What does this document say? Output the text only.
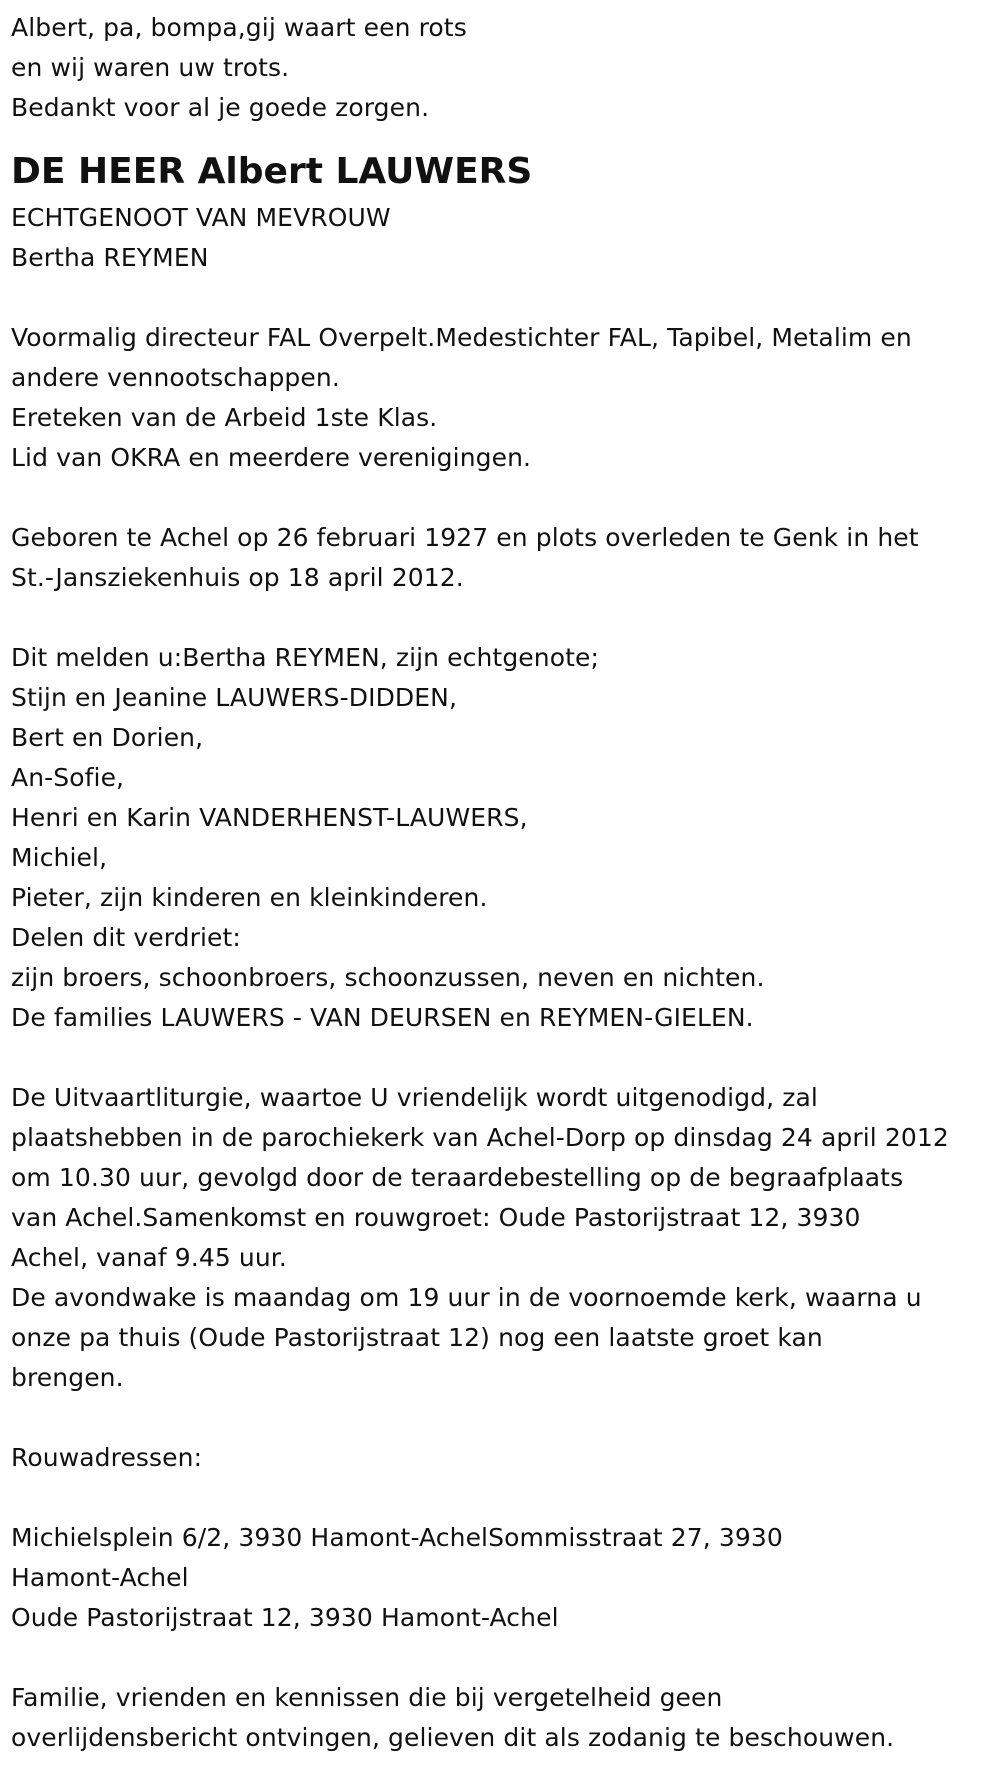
Albert, pa, bompa,gij waart een rots
en wij waren uw trots.
Bedankt voor al je goede zorgen.
DE HEER Albert LAUWERS
ECHTGENOOT VAN MEVROUW
Bertha REYMEN
Voormalig directeur FAL Overpelt.Medestichter FAL, Tapibel, Metalim en
andere vennootschappen.
Ereteken van de Arbeid 1ste Klas.
Lid van OKRA en meerdere verenigingen.
Geboren te Achel op 26 februari 1927 en plots overleden te Genk in het
St.-Jansziekenhuis op 18 april 2012.
Dit melden u:Bertha REYMEN, zijn echtgenote;
Stijn en Jeanine LAUWERS-DIDDEN,
Bert en Dorien,
An-Sofie,
Henri en Karin VANDERHENST-LAUWERS,
Michiel,
Pieter, zijn kinderen en kleinkinderen.
Delen dit verdriet:
zijn broers, schoonbroers, schoonzussen, neven en nichten.
De families LAUWERS - VAN DEURSEN en REYMEN-GIELEN.
De Uitvaartliturgie, waartoe U vriendelijk wordt uitgenodigd, zal
plaatshebben in de parochiekerk van Achel-Dorp op dinsdag 24 april 2012
om 10.30 uur, gevolgd door de teraardebestelling op de begraafplaats
van Achel.Samenkomst en rouwgroet: Oude Pastorijstraat 12, 3930
Achel, vanaf 9.45 uur.
De avondwake is maandag om 19 uur in de voornoemde kerk, waarna u
onze pa thuis (Oude Pastorijstraat 12) nog een laatste groet kan
brengen.
Rouwadressen:
Michielsplein 6/2, 3930 Hamont-AchelSommisstraat 27, 3930
Hamont-Achel
Oude Pastorijstraat 12, 3930 Hamont-Achel
Familie, vrienden en kennissen die bij vergetelheid geen
overlijdensbericht ontvingen, gelieven dit als zodanig te beschouwen.
